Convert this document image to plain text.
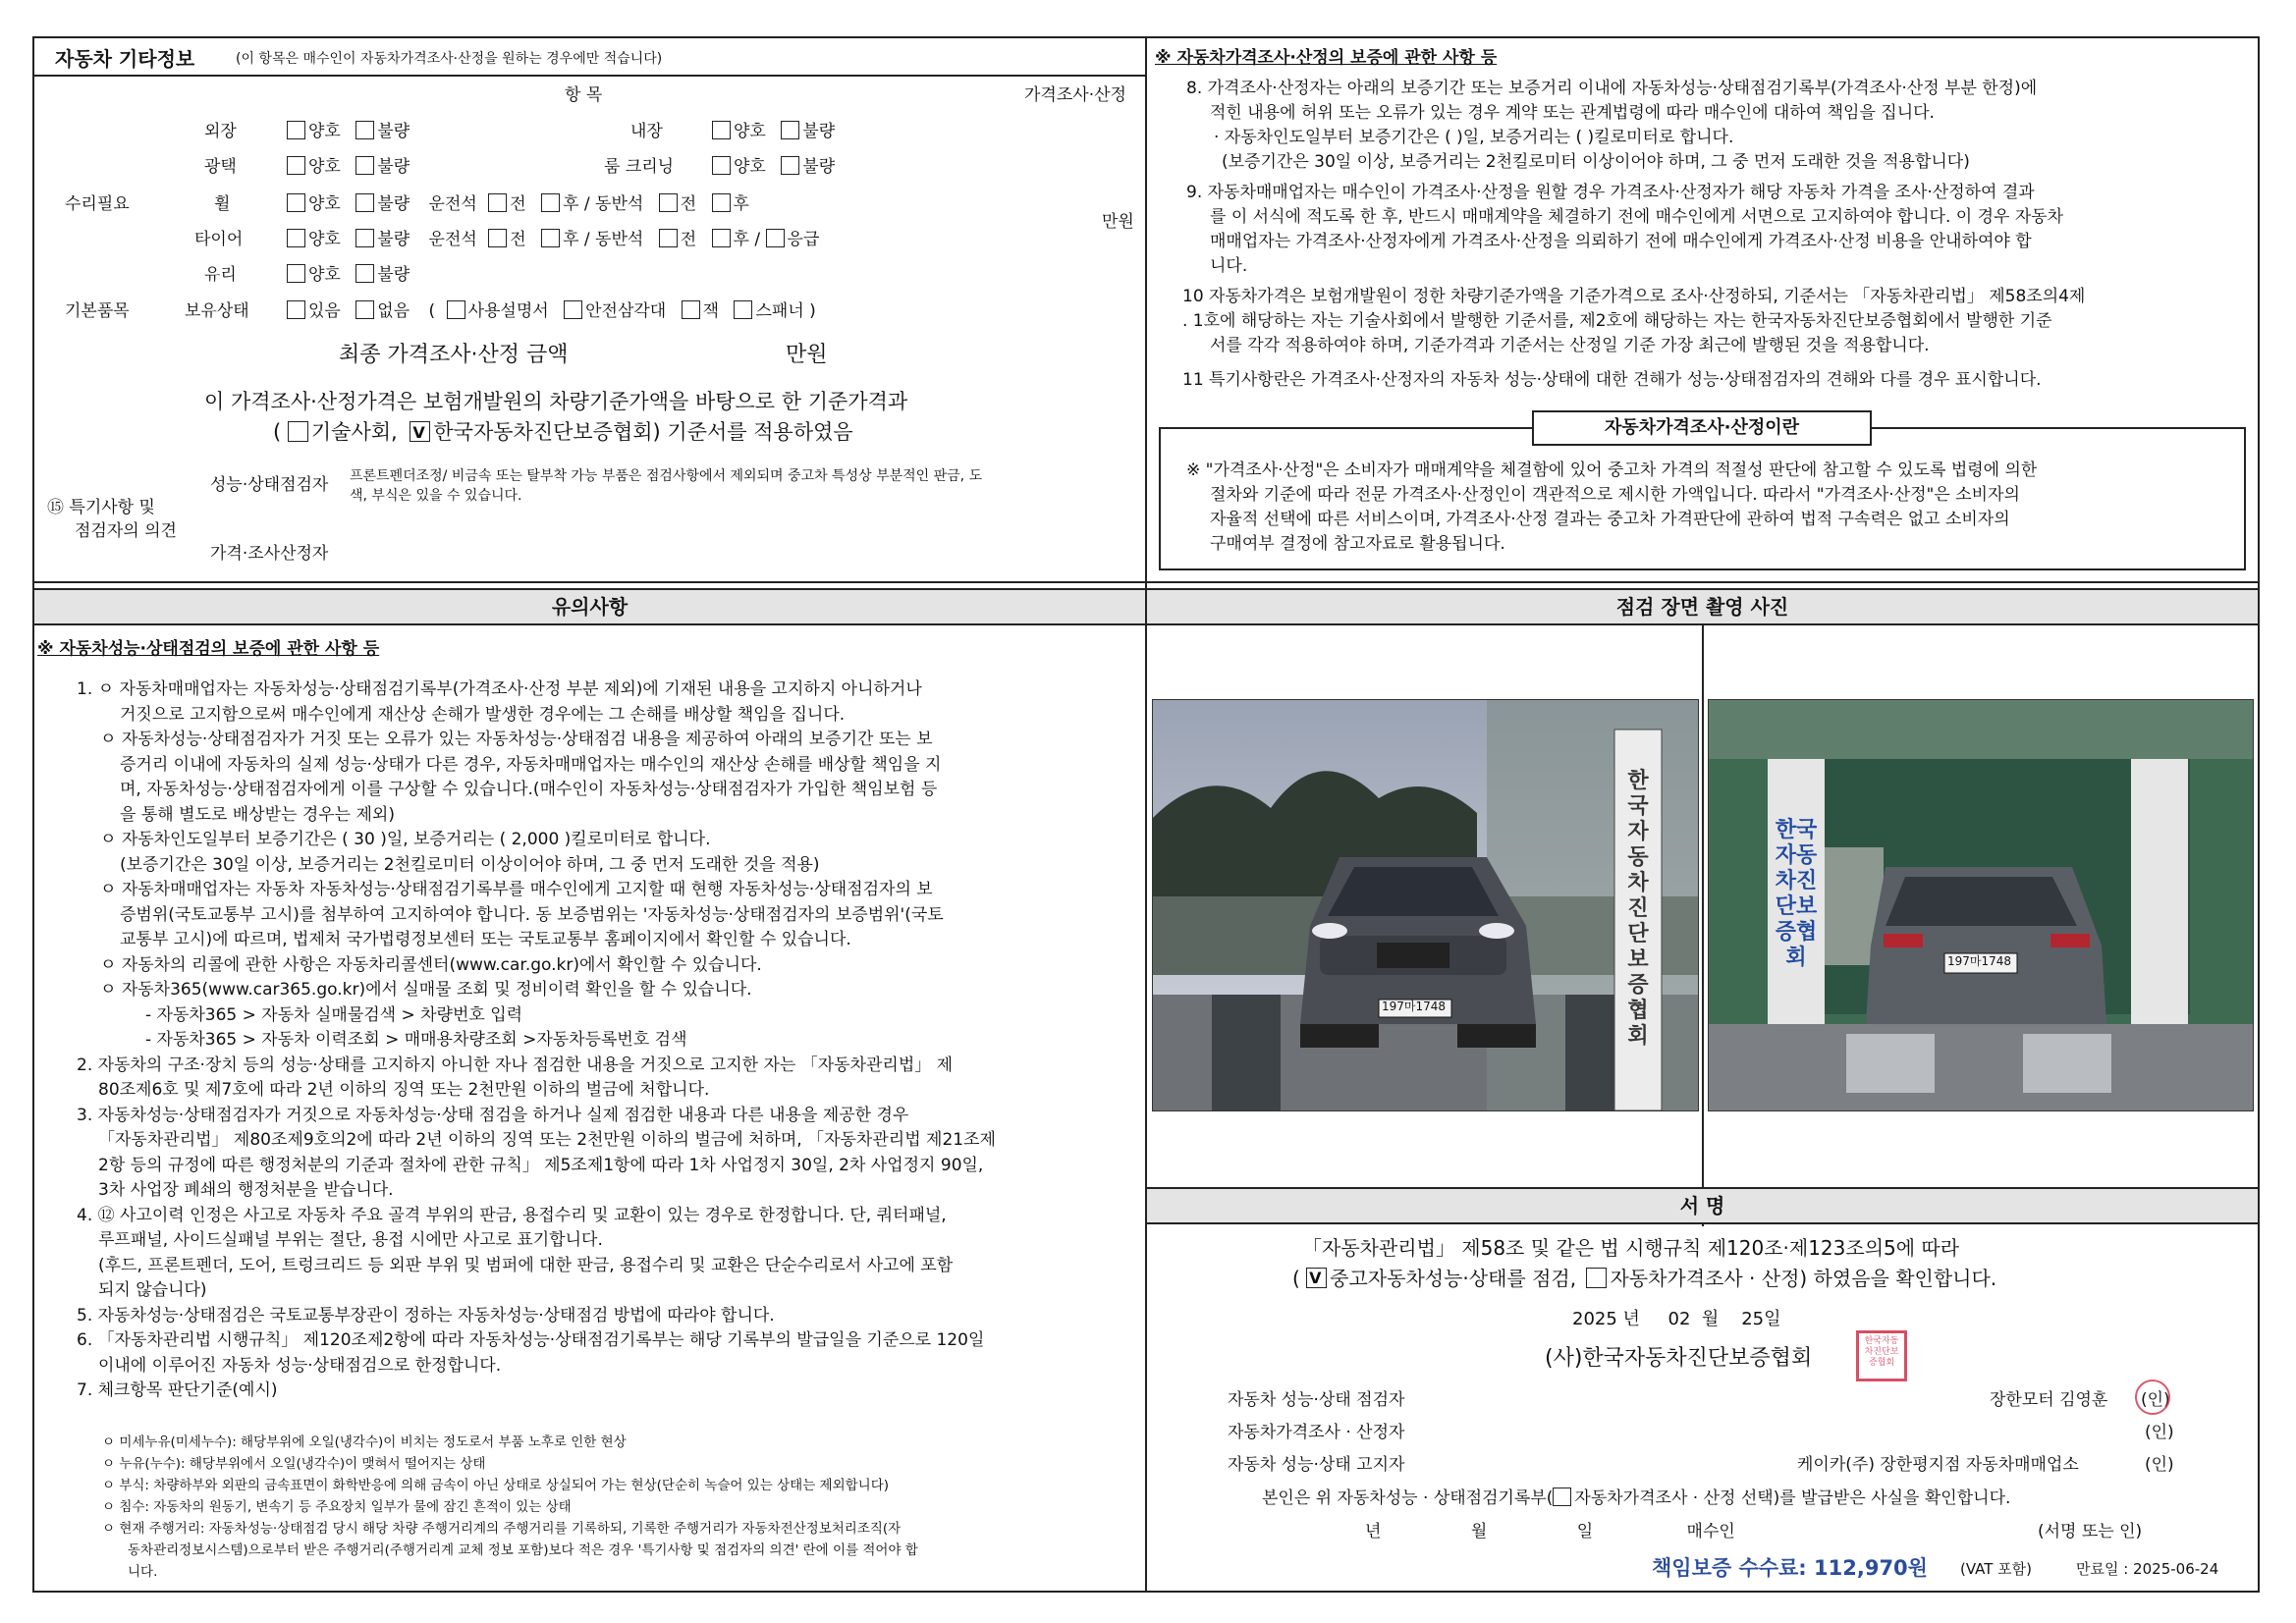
자동차 기타정보	(이 항목은 매수인이 자동차가격조사·산정을 원하는 경우에만 적습니다)
항 목	가격조사·산정
수리필요
만원
외장	양호 불량	내장	양호 불량
광택	양호 불량	룸 크리닝	양호 불량
휠	양호 불량 운전석 전 후 / 동반석 전 후
타이어	양호 불량 운전석 전 후 / 동반석 전 후 / 응급
유리	양호 불량
기본품목	보유상태	있음 없음 ( 사용설명서 안전삼각대 잭 스패너 )
최종 가격조사·산정 금액	만원
이 가격조사·산정가격은 보험개발원의 차량기준가액을 바탕으로 한 기준가격과
( 기술사회, V 한국자동차진단보증협회) 기준서를 적용하였음
⑮ 특기사항 및
점검자의 의견
성능·상태점검자 프론트펜더조정/ 비금속 또는 탈부착 가능 부품은 점검사항에서 제외되며 중고차 특성상 부분적인 판금, 도
색, 부식은 있을 수 있습니다.
가격·조사산정자
※ 자동차가격조사·산정의 보증에 관한 사항 등
8. 가격조사·산정자는 아래의 보증기간 또는 보증거리 이내에 자동차성능·상태점검기록부(가격조사·산정 부분 한정)에
적힌 내용에 허위 또는 오류가 있는 경우 계약 또는 관계법령에 따라 매수인에 대하여 책임을 집니다.
· 자동차인도일부터 보증기간은 ( )일, 보증거리는 ( )킬로미터로 합니다.
(보증기간은 30일 이상, 보증거리는 2천킬로미터 이상이어야 하며, 그 중 먼저 도래한 것을 적용합니다)
9. 자동차매매업자는 매수인이 가격조사·산정을 원할 경우 가격조사·산정자가 해당 자동차 가격을 조사·산정하여 결과
를 이 서식에 적도록 한 후, 반드시 매매계약을 체결하기 전에 매수인에게 서면으로 고지하여야 합니다. 이 경우 자동차
매매업자는 가격조사·산정자에게 가격조사·산정을 의뢰하기 전에 매수인에게 가격조사·산정 비용을 안내하여야 합
니다.
10 자동차가격은 보험개발원이 정한 차량기준가액을 기준가격으로 조사·산정하되, 기준서는 「자동차관리법」 제58조의4제
. 1호에 해당하는 자는 기술사회에서 발행한 기준서를, 제2호에 해당하는 자는 한국자동차진단보증협회에서 발행한 기준
서를 각각 적용하여야 하며, 기준가격과 기준서는 산정일 기준 가장 최근에 발행된 것을 적용합니다.
11 특기사항란은 가격조사·산정자의 자동차 성능·상태에 대한 견해가 성능·상태점검자의 견해와 다를 경우 표시합니다.
자동차가격조사·산정이란
※ "가격조사·산정"은 소비자가 매매계약을 체결함에 있어 중고차 가격의 적절성 판단에 참고할 수 있도록 법령에 의한
절차와 기준에 따라 전문 가격조사·산정인이 객관적으로 제시한 가액입니다. 따라서 "가격조사·산정"은 소비자의
자율적 선택에 따른 서비스이며, 가격조사·산정 결과는 중고차 가격판단에 관하여 법적 구속력은 없고 소비자의
구매여부 결정에 참고자료로 활용됩니다.
유의사항	점검 장면 촬영 사진
※ 자동차성능·상태점검의 보증에 관한 사항 등
1. ㅇ 자동차매매업자는 자동차성능·상태점검기록부(가격조사·산정 부분 제외)에 기재된 내용을 고지하지 아니하거나
거짓으로 고지함으로써 매수인에게 재산상 손해가 발생한 경우에는 그 손해를 배상할 책임을 집니다.
ㅇ 자동차성능·상태점검자가 거짓 또는 오류가 있는 자동차성능·상태점검 내용을 제공하여 아래의 보증기간 또는 보
증거리 이내에 자동차의 실제 성능·상태가 다른 경우, 자동차매매업자는 매수인의 재산상 손해를 배상할 책임을 지
며, 자동차성능·상태점검자에게 이를 구상할 수 있습니다.(매수인이 자동차성능·상태점검자가 가입한 책임보험 등
을 통해 별도로 배상받는 경우는 제외)
ㅇ 자동차인도일부터 보증기간은 ( 30 )일, 보증거리는 ( 2,000 )킬로미터로 합니다.
(보증기간은 30일 이상, 보증거리는 2천킬로미터 이상이어야 하며, 그 중 먼저 도래한 것을 적용)
ㅇ 자동차매매업자는 자동차 자동차성능·상태점검기록부를 매수인에게 고지할 때 현행 자동차성능·상태점검자의 보
증범위(국토교통부 고시)를 첨부하여 고지하여야 합니다. 동 보증범위는 '자동차성능·상태점검자의 보증범위'(국토
교통부 고시)에 따르며, 법제처 국가법령정보센터 또는 국토교통부 홈페이지에서 확인할 수 있습니다.
ㅇ 자동차의 리콜에 관한 사항은 자동차리콜센터(www.car.go.kr)에서 확인할 수 있습니다.
ㅇ 자동차365(www.car365.go.kr)에서 실매물 조회 및 정비이력 확인을 할 수 있습니다.
- 자동차365 > 자동차 실매물검색 > 차량번호 입력
- 자동차365 > 자동차 이력조회 > 매매용차량조회 >자동차등록번호 검색
2. 자동차의 구조·장치 등의 성능·상태를 고지하지 아니한 자나 점검한 내용을 거짓으로 고지한 자는 「자동차관리법」 제
80조제6호 및 제7호에 따라 2년 이하의 징역 또는 2천만원 이하의 벌금에 처합니다.
3. 자동차성능·상태점검자가 거짓으로 자동차성능·상태 점검을 하거나 실제 점검한 내용과 다른 내용을 제공한 경우
「자동차관리법」 제80조제9호의2에 따라 2년 이하의 징역 또는 2천만원 이하의 벌금에 처하며, 「자동차관리법 제21조제
2항 등의 규정에 따른 행정처분의 기준과 절차에 관한 규칙」 제5조제1항에 따라 1차 사업정지 30일, 2차 사업정지 90일,
3차 사업장 폐쇄의 행정처분을 받습니다.
4. ⑫ 사고이력 인정은 사고로 자동차 주요 골격 부위의 판금, 용접수리 및 교환이 있는 경우로 한정합니다. 단, 쿼터패널,
루프패널, 사이드실패널 부위는 절단, 용접 시에만 사고로 표기합니다.
(후드, 프론트펜더, 도어, 트렁크리드 등 외판 부위 및 범퍼에 대한 판금, 용접수리 및 교환은 단순수리로서 사고에 포함
되지 않습니다)
5. 자동차성능·상태점검은 국토교통부장관이 정하는 자동차성능·상태점검 방법에 따라야 합니다.
6. 「자동차관리법 시행규칙」 제120조제2항에 따라 자동차성능·상태점검기록부는 해당 기록부의 발급일을 기준으로 120일
이내에 이루어진 자동차 성능·상태점검으로 한정합니다.
7. 체크항목 판단기준(예시)
ㅇ 미세누유(미세누수): 해당부위에 오일(냉각수)이 비치는 정도로서 부품 노후로 인한 현상
ㅇ 누유(누수): 해당부위에서 오일(냉각수)이 맺혀서 떨어지는 상태
ㅇ 부식: 차량하부와 외판의 금속표면이 화학반응에 의해 금속이 아닌 상태로 상실되어 가는 현상(단순히 녹슬어 있는 상태는 제외합니다)
ㅇ 침수: 자동차의 원동기, 변속기 등 주요장치 일부가 물에 잠긴 흔적이 있는 상태
ㅇ 현재 주행거리: 자동차성능·상태점검 당시 해당 차량 주행거리계의 주행거리를 기록하되, 기록한 주행거리가 자동차전산정보처리조직(자
동차관리정보시스템)으로부터 받은 주행거리(주행거리계 교체 정보 포함)보다 적은 경우 '특기사항 및 점검자의 의견' 란에 이를 적어야 합
니다.
197마1748
한국자동차진단보증협회
197마1748
한국자동차진단보증협회
서 명
「자동차관리법」 제58조 및 같은 법 시행규칙 제120조·제123조의5에 따라
( V중고자동차성능·상태를 점검, 자동차가격조사 · 산정) 하였음을 확인합니다.
2025 년 02 월 25일
(사)한국자동차진단보증협회
한국자동차진단보증협회
자동차 성능·상태 점검자	장한모터 김영훈 (인)
자동차가격조사 · 산정자	(인)
자동차 성능·상태 고지자	케이카(주) 장한평지점 자동차매매업소	(인)
본인은 위 자동차성능 · 상태점검기록부( 자동차가격조사 · 산정 선택)를 발급받은 사실을 확인합니다.
년	월	일	매수인	(서명 또는 인)
책임보증 수수료: 112,970원 (VAT 포함)	만료일 : 2025-06-24
